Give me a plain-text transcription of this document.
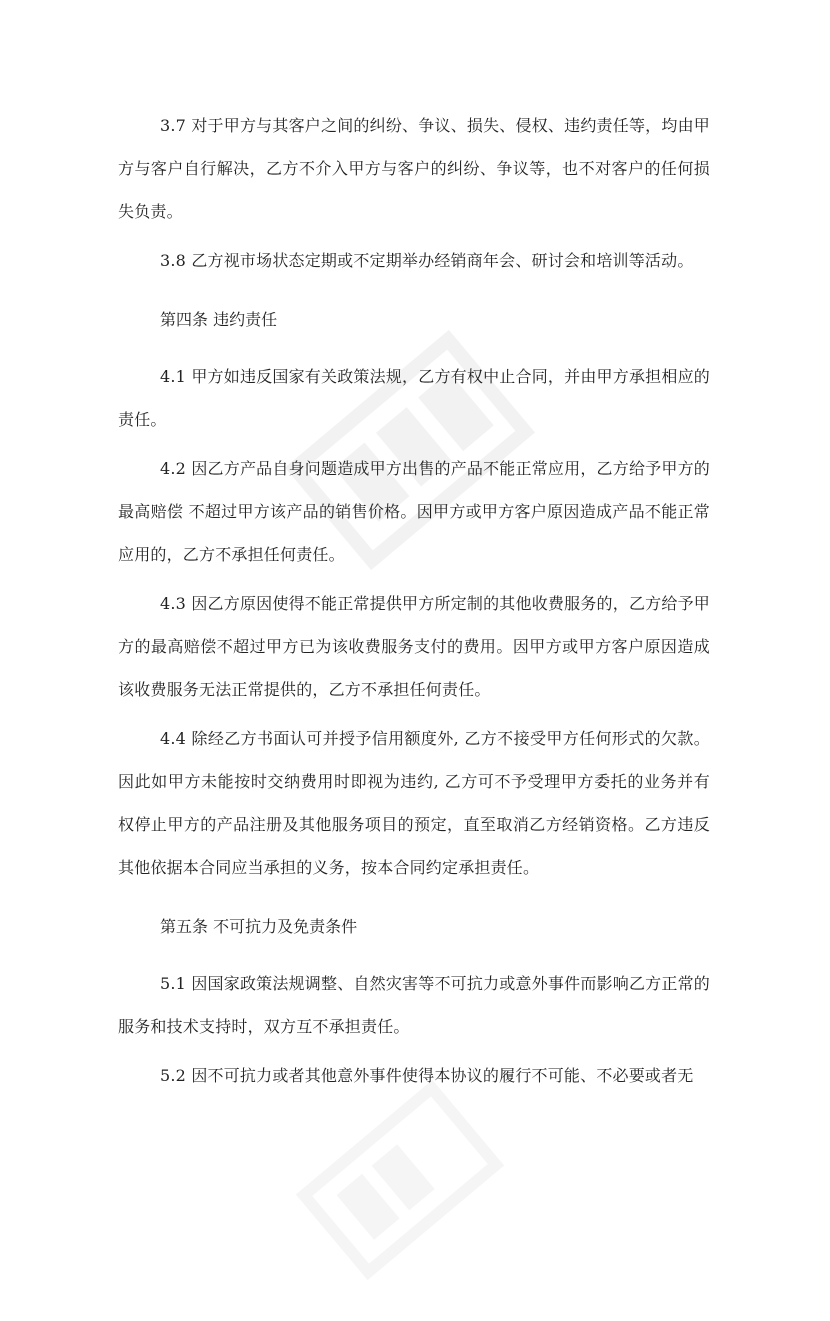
3.7 对于甲方与其客户之间的纠纷、争议、损失、侵权、违约责任等，均由甲方与客户自行解决，乙方不介入甲方与客户的纠纷、争议等，也不对客户的任何损失负责。

3.8 乙方视市场状态定期或不定期举办经销商年会、研讨会和培训等活动。

第四条 违约责任

4.1 甲方如违反国家有关政策法规，乙方有权中止合同，并由甲方承担相应的责任。

4.2 因乙方产品自身问题造成甲方出售的产品不能正常应用，乙方给予甲方的最高赔偿 不超过甲方该产品的销售价格。因甲方或甲方客户原因造成产品不能正常应用的，乙方不承担任何责任。

4.3 因乙方原因使得不能正常提供甲方所定制的其他收费服务的，乙方给予甲方的最高赔偿不超过甲方已为该收费服务支付的费用。因甲方或甲方客户原因造成该收费服务无法正常提供的，乙方不承担任何责任。

4.4 除经乙方书面认可并授予信用额度外, 乙方不接受甲方任何形式的欠款。因此如甲方未能按时交纳费用时即视为违约, 乙方可不予受理甲方委托的业务并有权停止甲方的产品注册及其他服务项目的预定，直至取消乙方经销资格。乙方违反其他依据本合同应当承担的义务，按本合同约定承担责任。

第五条 不可抗力及免责条件

5.1 因国家政策法规调整、自然灾害等不可抗力或意外事件而影响乙方正常的服务和技术支持时，双方互不承担责任。

5.2 因不可抗力或者其他意外事件使得本协议的履行不可能、不必要或者无
